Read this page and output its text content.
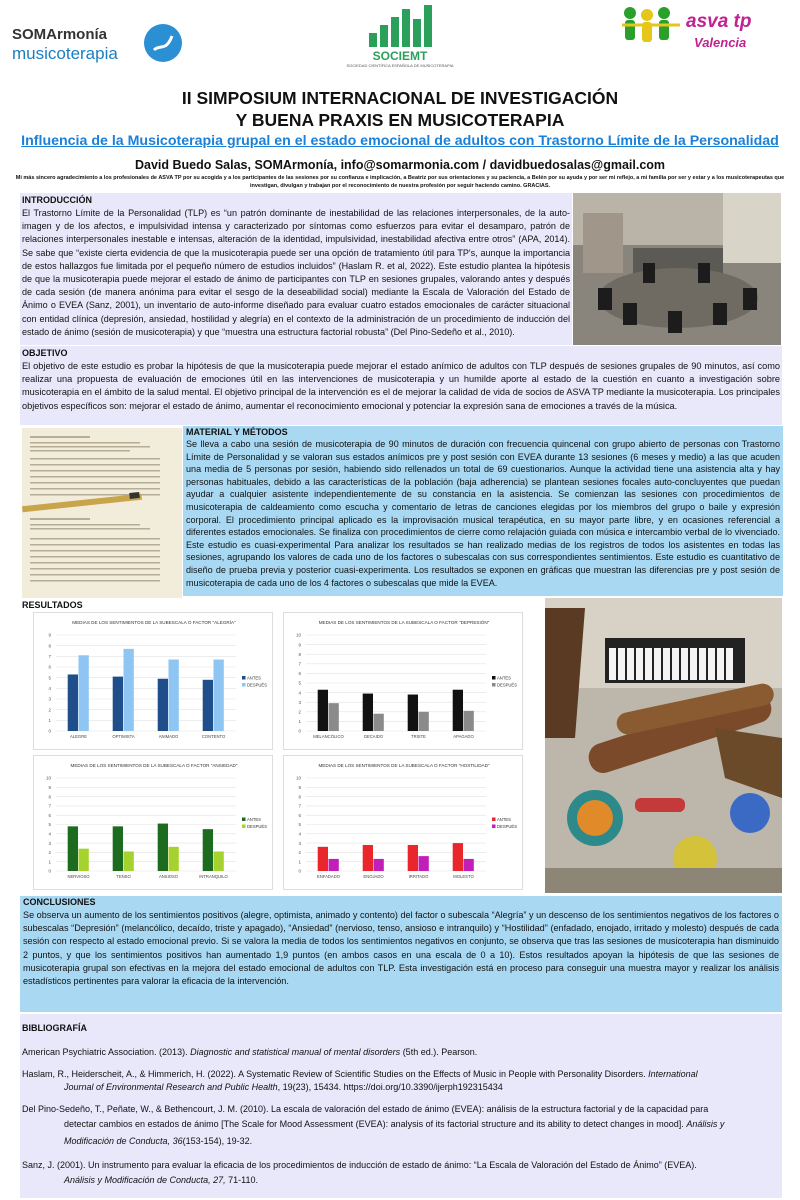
SOMArmonía
musicoterapia	SOCIEMT
SOCIEDAD CIENTÍFICA ESPAÑOLA DE MUSICOTERAPIA
asva tp
Valencia
II SIMPOSIUM INTERNACIONAL DE INVESTIGACIÓN
Y BUENA PRAXIS EN MUSICOTERAPIA
Influencia de la Musicoterapia grupal en el estado emocional de adultos con Trastorno Límite de la Personalidad
David Buedo Salas, SOMArmonía, info@somarmonia.com / davidbuedosalas@gmail.com
Mi más sincero agradecimiento a los profesionales de ASVA TP por su acogida y a los participantes de las sesiones por su confianza e implicación, a Beatriz por sus orientaciones y su paciencia, a Belén por su ayuda y por ser mi reflejo, a mi familia por ser y estar y a los musicoterapeutas que investigan, divulgan y trabajan por el reconocimiento de nuestra profesión por seguir haciendo camino. GRACIAS.
INTRODUCCIÓN
El Trastorno Límite de la Personalidad (TLP) es “un patrón dominante de inestabilidad de las relaciones interpersonales, de la auto-imagen y de los afectos, e impulsividad intensa y caracterizado por síntomas como esfuerzos para evitar el desamparo, patrón de relaciones interpersonales inestable e intensas, alteración de la identidad, impulsividad, inestabilidad afectiva entre otros” (APA, 2014). Se sabe que “existe cierta evidencia de que la musicoterapia puede ser una opción de tratamiento útil para TP's, aunque la importancia de estos hallazgos fue limitada por el pequeño número de estudios incluidos” (Haslam R. et al, 2022). Este estudio plantea la hipótesis de que la musicoterapia puede mejorar el estado de ánimo de participantes con TLP en sesiones grupales, valorando antes y después de cada sesión (de manera anónima para evitar el sesgo de la deseabilidad social) mediante la Escala de Valoración del Estado de Ánimo o EVEA (Sanz, 2001), un inventario de auto-informe diseñado para evaluar cuatro estados emocionales de carácter situacional con entidad clínica (depresión, ansiedad, hostilidad y alegría) en el contexto de la administración de un procedimiento de inducción del estado de ánimo (sesión de musicoterapia) y que “muestra una estructura factorial robusta” (Del Pino-Sedeño et al., 2010).
OBJETIVO
El objetivo de este estudio es probar la hipótesis de que la musicoterapia puede mejorar el estado anímico de adultos con TLP después de sesiones grupales de 90 minutos, así como realizar una propuesta de evaluación de emociones útil en las intervenciones de musicoterapia y un humilde aporte al estado de la cuestión en cuanto a investigación sobre musicoterapia en el ámbito de la salud mental. El objetivo principal de la intervención es el de mejorar la calidad de vida de socios de ASVA TP mediante la musicoterapia. Los principales objetivos específicos son: mejorar el estado de ánimo, aumentar el reconocimiento emocional y potenciar la expresión sana de emociones a través de la música.
MATERIAL Y MÉTODOS
Se lleva a cabo una sesión de musicoterapia de 90 minutos de duración con frecuencia quincenal con grupo abierto de personas con Trastorno Límite de Personalidad y se valoran sus estados anímicos pre y post sesión con EVEA durante 13 sesiones (6 meses y medio) a las que acuden una media de 5 personas por sesión, habiendo sido rellenados un total de 69 cuestionarios. Aunque la actividad tiene una asistencia alta y hay personas habituales, debido a las características de la población (baja adherencia) se plantean sesiones focales auto-concluyentes que puedan ayudar a cualquier asistente independientemente de su constancia en la asistencia. Se comienzan las sesiones con procedimientos de musicoterapia de caldeamiento como escucha y comentario de letras de canciones elegidas por los miembros del grupo o baile y expresión corporal. El procedimiento principal aplicado es la improvisación musical terapéutica, en su mayor parte libre, y en ocasiones referencial a diferentes estados emocionales. Se finaliza con procedimientos de cierre como relajación guiada con música e intercambio verbal de lo vivenciado. Este estudio es cuasi-experimental Para analizar los resultados se han realizado medias de los registros de todos los asistentes en todas las sesiones, agrupando los valores de cada uno de los factores o subescalas con sus correspondientes sentimientos. Este estudio es cuantitativo de diseño de prueba previa y posterior cuasi-experimenta. Los resultados se exponen en gráficas que muestran las diferencias pre y post sesión de musicoterapia de cada uno de los 4 factores o subescalas que mide la EVEA.
RESULTADOS
MEDIAS DE LOS SENTIMIENTOS DE LA SUBESCALA O FACTOR "ALEGRÍA"
0
1
2
3
4
5
6
7
8
9
ALEGRE	OPTIMISTA	ANIMADO	CONTENTO
ANTES
DESPUÉS
MEDIAS DE LOS SENTIMIENTOS DE LA SUBESCALA O FACTOR "DEPRESIÓN"
0
1
2
3
4
5
6
7
8
9
10
MELANCÓLICO	DECAIDO	TRISTE	APAGADO
ANTES
DESPUÉS
MEDIAS DE LOS SENTIMIENTOS DE LA SUBESCALA O FACTOR "ANSIEDAD"
0
1
2
3
4
5
6
7
8
9
10
NERVIOSO	TENSO	ANSIOSO	INTRANQUILO
ANTES
DESPUÉS
MEDIAS DE LOS SENTIMIENTOS DE LA SUBESCALA O FACTOR "HOSTILIDAD"
0
1
2
3
4
5
6
7
8
9
10
ENFADADO	ENOJADO	IRRITADO	MOLESTO
ANTES
DESPUÉS
CONCLUSIONES
Se observa un aumento de los sentimientos positivos (alegre, optimista, animado y contento) del factor o subescala “Alegría” y un descenso de los sentimientos negativos de los factores o subescalas “Depresión” (melancólico, decaído, triste y apagado), “Ansiedad” (nervioso, tenso, ansioso e intranquilo) y “Hostilidad” (enfadado, enojado, irritado y molesto) después de cada sesión con respecto al estado emocional previo. Si se valora la media de todos los sentimientos negativos en conjunto, se observa que tras las sesiones de musicoterapia han disminuido 2 puntos, y que los sentimientos positivos han aumentado 1,9 puntos (en ambos casos en una escala de 0 a 10). Estos resultados apoyan la hipótesis de que las sesiones de musicoterapia grupal son efectivas en la mejora del estado emocional de adultos con TLP. Esta investigación está en proceso para conseguir una muestra mayor y realizar los análisis estadísticos pertinentes para valorar la eficacia de la intervención.
BIBLIOGRAFÍA
American Psychiatric Association. (2013). Diagnostic and statistical manual of mental disorders (5th ed.). Pearson.
Haslam, R., Heiderscheit, A., & Himmerich, H. (2022). A Systematic Review of Scientific Studies on the Effects of Music in People with Personality Disorders. International
Journal of Environmental Research and Public Health, 19(23), 15434. https://doi.org/10.3390/ijerph192315434
Del Pino-Sedeño, T., Peñate, W., & Bethencourt, J. M. (2010). La escala de valoración del estado de ánimo (EVEA): análisis de la estructura factorial y de la capacidad para
detectar cambios en estados de ánimo [The Scale for Mood Assessment (EVEA): analysis of its factorial structure and its ability to detect changes in mood]. Análisis y
Modificación de Conducta, 36(153-154), 19-32.
Sanz, J. (2001). Un instrumento para evaluar la eficacia de los procedimientos de inducción de estado de ánimo: “La Escala de Valoración del Estado de Ánimo” (EVEA).
Análisis y Modificación de Conducta, 27, 71-110.
